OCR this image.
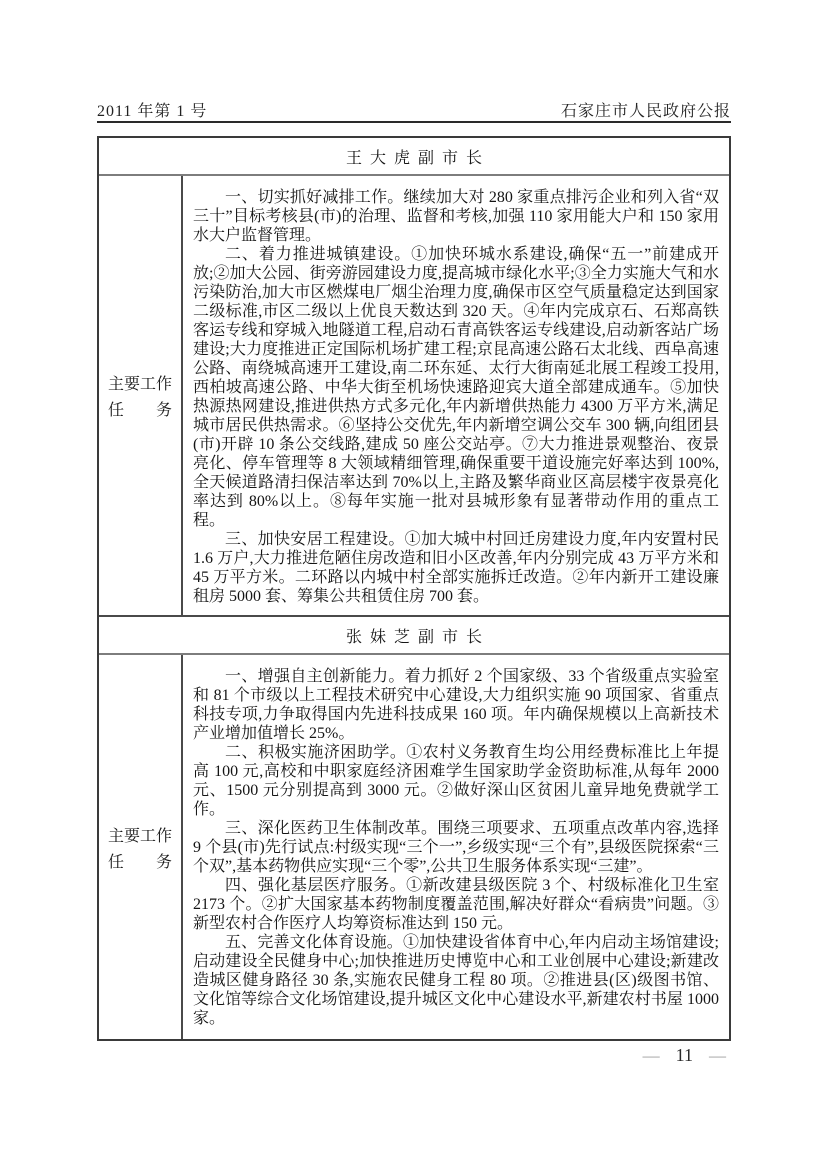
2011 年第 1 号	石家庄市人民政府公报
王大虎副市长
主要工作
任 务

一、切实抓好减排工作。继续加大对 280 家重点排污企业和列入省“双三十”目标考核县(市)的治理、监督和考核,加强 110 家用能大户和 150 家用水大户监督管理。

二、着力推进城镇建设。①加快环城水系建设,确保“五一”前建成开放;②加大公园、街旁游园建设力度,提高城市绿化水平;③全力实施大气和水污染防治,加大市区燃煤电厂烟尘治理力度,确保市区空气质量稳定达到国家二级标准,市区二级以上优良天数达到 320 天。④年内完成京石、石郑高铁客运专线和穿城入地隧道工程,启动石青高铁客运专线建设,启动新客站广场建设;大力度推进正定国际机场扩建工程;京昆高速公路石太北线、西阜高速公路、南绕城高速开工建设,南二环东延、太行大街南延北展工程竣工投用,西柏坡高速公路、中华大街至机场快速路迎宾大道全部建成通车。⑤加快热源热网建设,推进供热方式多元化,年内新增供热能力 4300 万平方米,满足城市居民供热需求。⑥坚持公交优先,年内新增空调公交车 300 辆,向组团县(市)开辟 10 条公交线路,建成 50 座公交站亭。⑦大力推进景观整治、夜景亮化、停车管理等 8 大领域精细管理,确保重要干道设施完好率达到 100%,全天候道路清扫保洁率达到 70%以上,主路及繁华商业区高层楼宇夜景亮化率达到 80%以上。⑧每年实施一批对县城形象有显著带动作用的重点工程。

三、加快安居工程建设。①加大城中村回迁房建设力度,年内安置村民 1.6 万户,大力推进危陋住房改造和旧小区改善,年内分别完成 43 万平方米和 45 万平方米。二环路以内城中村全部实施拆迁改造。②年内新开工建设廉租房 5000 套、筹集公共租赁住房 700 套。

张妹芝副市长
主要工作
任 务

一、增强自主创新能力。着力抓好 2 个国家级、33 个省级重点实验室和 81 个市级以上工程技术研究中心建设,大力组织实施 90 项国家、省重点科技专项,力争取得国内先进科技成果 160 项。年内确保规模以上高新技术产业增加值增长 25%。

二、积极实施济困助学。①农村义务教育生均公用经费标准比上年提高 100 元,高校和中职家庭经济困难学生国家助学金资助标准,从每年 2000 元、1500 元分别提高到 3000 元。②做好深山区贫困儿童异地免费就学工作。

三、深化医药卫生体制改革。围绕三项要求、五项重点改革内容,选择 9 个县(市)先行试点:村级实现“三个一”,乡级实现“三个有”,县级医院探索“三个双”,基本药物供应实现“三个零”,公共卫生服务体系实现“三建”。

四、强化基层医疗服务。①新改建县级医院 3 个、村级标准化卫生室 2173 个。②扩大国家基本药物制度覆盖范围,解决好群众“看病贵”问题。③新型农村合作医疗人均筹资标准达到 150 元。

五、完善文化体育设施。①加快建设省体育中心,年内启动主场馆建设;启动建设全民健身中心;加快推进历史博览中心和工业创展中心建设;新建改造城区健身路径 30 条,实施农民健身工程 80 项。②推进县(区)级图书馆、文化馆等综合文化场馆建设,提升城区文化中心建设水平,新建农村书屋 1000 家。

— 11 —
